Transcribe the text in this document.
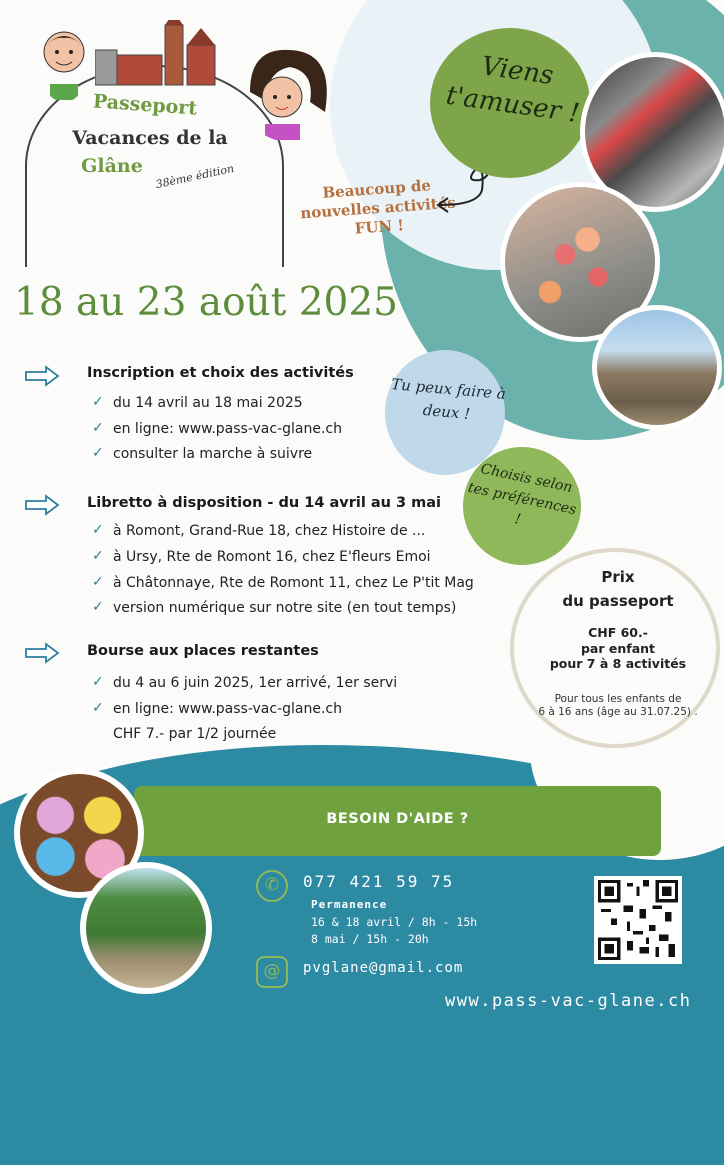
Passeport
Vacances de la
Glâne	38ème édition	Beaucoup de nouvelles activités FUN !
Viens t'amuser !
18 au 23 août 2025
Tu peux faire à deux !
Choisis selon tes préférences !
Inscription et choix des activités
✓ du 14 avril au 18 mai 2025
✓ en ligne: www.pass-vac-glane.ch
✓ consulter la marche à suivre
Libretto à disposition - du 14 avril au 3 mai
✓ à Romont, Grand-Rue 18, chez Histoire de ...
✓ à Ursy, Rte de Romont 16, chez E'fleurs Emoi
✓ à Châtonnaye, Rte de Romont 11, chez Le P'tit Mag
✓ version numérique sur notre site (en tout temps)
Bourse aux places restantes
✓ du 4 au 6 juin 2025, 1er arrivé, 1er servi
✓ en ligne: www.pass-vac-glane.ch
CHF 7.- par 1/2 journée
Prix
du passeport
CHF 60.-
par enfant
pour 7 à 8 activités
Pour tous les enfants de
6 à 16 ans (âge au 31.07.25) .
BESOIN D'AIDE ?
✆	077 421 59 75
Permanence
16 & 18 avril / 8h - 15h
8 mai / 15h - 20h
@	pvglane@gmail.com
www.pass-vac-glane.ch
